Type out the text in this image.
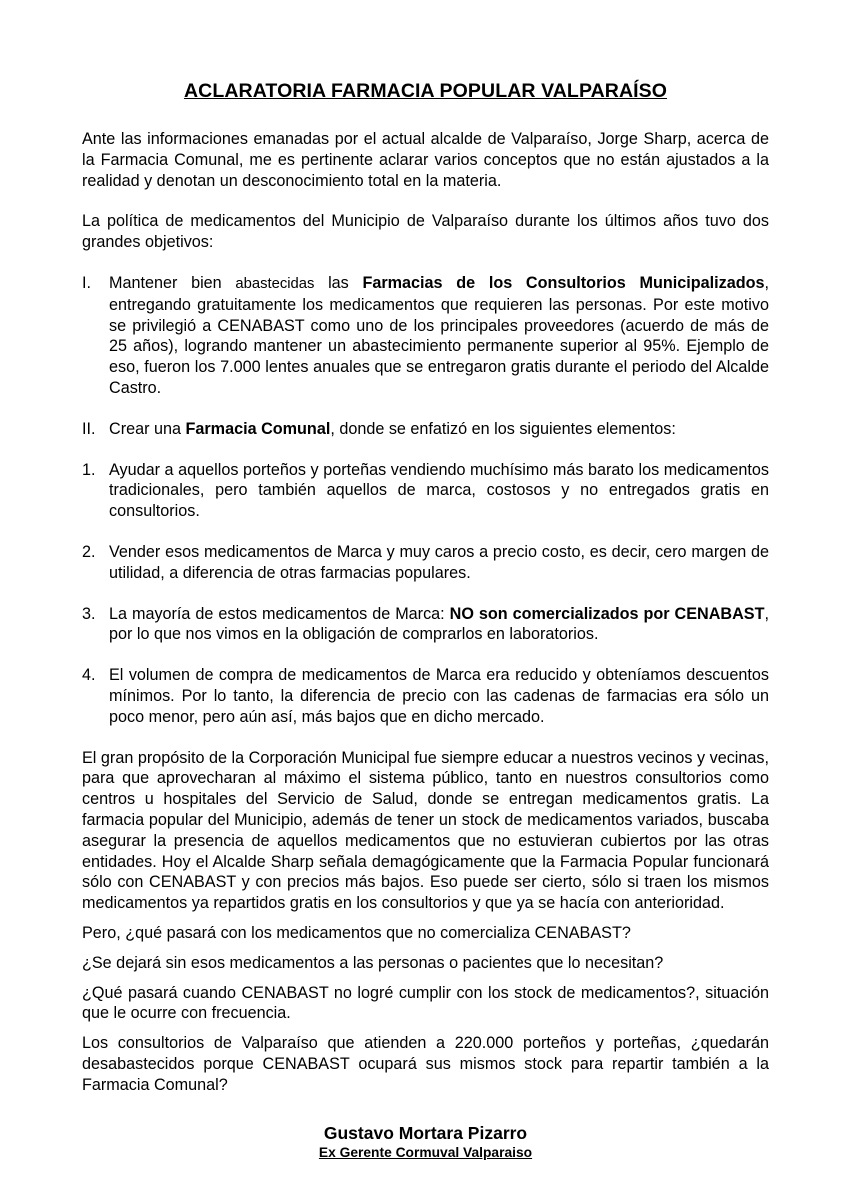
ACLARATORIA FARMACIA POPULAR VALPARAÍSO

Ante las informaciones emanadas por el actual alcalde de Valparaíso, Jorge Sharp, acerca de la Farmacia Comunal, me es pertinente aclarar varios conceptos que no están ajustados a la realidad y denotan un desconocimiento total en la materia.

La política de medicamentos del Municipio de Valparaíso durante los últimos años tuvo dos grandes objetivos:

I. Mantener bien abastecidas las Farmacias de los Consultorios Municipalizados, entregando gratuitamente los medicamentos que requieren las personas. Por este motivo se privilegió a CENABAST como uno de los principales proveedores (acuerdo de más de 25 años), logrando mantener un abastecimiento permanente superior al 95%. Ejemplo de eso, fueron los 7.000 lentes anuales que se entregaron gratis durante el periodo del Alcalde Castro.
II. Crear una Farmacia Comunal, donde se enfatizó en los siguientes elementos:
1. Ayudar a aquellos porteños y porteñas vendiendo muchísimo más barato los medicamentos tradicionales, pero también aquellos de marca, costosos y no entregados gratis en consultorios.
2. Vender esos medicamentos de Marca y muy caros a precio costo, es decir, cero margen de utilidad, a diferencia de otras farmacias populares.
3. La mayoría de estos medicamentos de Marca: NO son comercializados por CENABAST, por lo que nos vimos en la obligación de comprarlos en laboratorios.
4. El volumen de compra de medicamentos de Marca era reducido y obteníamos descuentos mínimos. Por lo tanto, la diferencia de precio con las cadenas de farmacias era sólo un poco menor, pero aún así, más bajos que en dicho mercado.

El gran propósito de la Corporación Municipal fue siempre educar a nuestros vecinos y vecinas, para que aprovecharan al máximo el sistema público, tanto en nuestros consultorios como centros u hospitales del Servicio de Salud, donde se entregan medicamentos gratis. La farmacia popular del Municipio, además de tener un stock de medicamentos variados, buscaba asegurar la presencia de aquellos medicamentos que no estuvieran cubiertos por las otras entidades. Hoy el Alcalde Sharp señala demagógicamente que la Farmacia Popular funcionará sólo con CENABAST y con precios más bajos. Eso puede ser cierto, sólo si traen los mismos medicamentos ya repartidos gratis en los consultorios y que ya se hacía con anterioridad.

Pero, ¿qué pasará con los medicamentos que no comercializa CENABAST?

¿Se dejará sin esos medicamentos a las personas o pacientes que lo necesitan?

¿Qué pasará cuando CENABAST no logré cumplir con los stock de medicamentos?, situación que le ocurre con frecuencia.

Los consultorios de Valparaíso que atienden a 220.000 porteños y porteñas, ¿quedarán desabastecidos porque CENABAST ocupará sus mismos stock para repartir también a la Farmacia Comunal?

Gustavo Mortara Pizarro
Ex Gerente Cormuval Valparaiso
